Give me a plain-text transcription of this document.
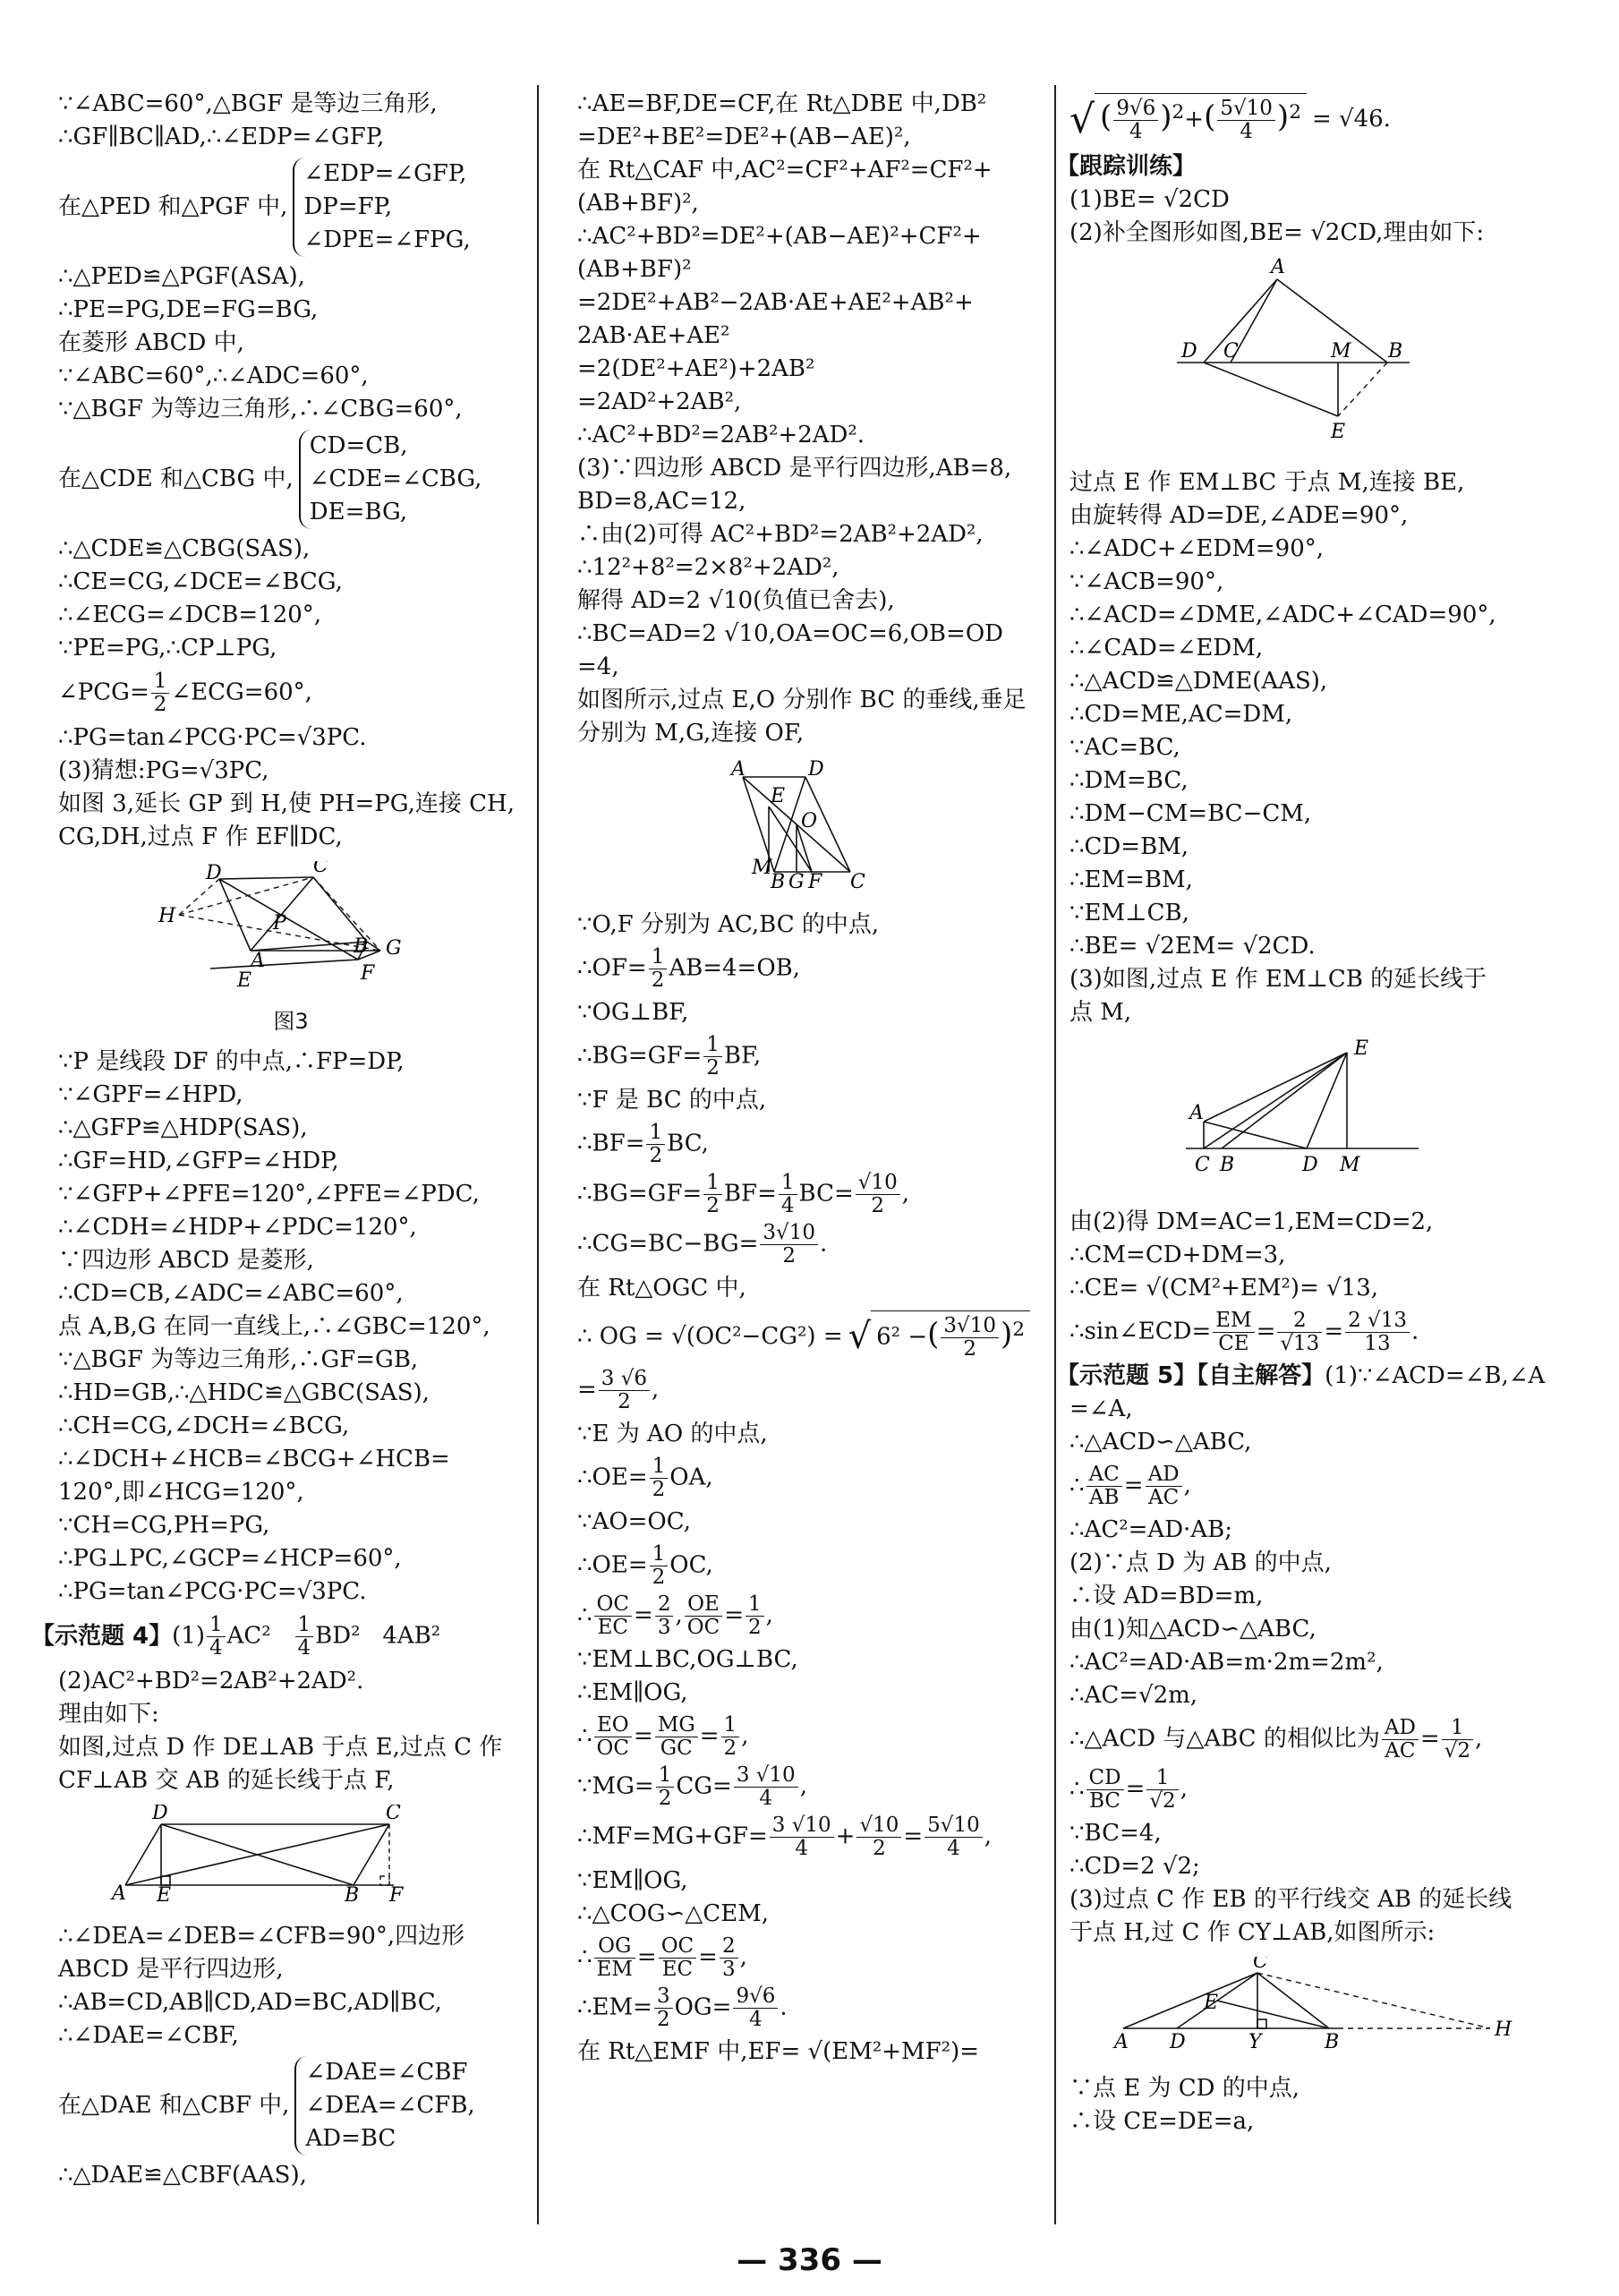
∵∠ABC=60°,△BGF 是等边三角形,
∴GF∥BC∥AD,∴∠EDP=∠GFP,
在△PED 和△PGF 中,
∠EDP=∠GFP,
DP=FP,
∠DPE=∠FPG,
∴△PED≌△PGF(ASA),
∴PE=PG,DE=FG=BG,
在菱形 ABCD 中,
∵∠ABC=60°,∴∠ADC=60°,
∵△BGF 为等边三角形,∴∠CBG=60°,
在△CDE 和△CBG 中,
CD=CB,
∠CDE=∠CBG,
DE=BG,
∴△CDE≌△CBG(SAS),
∴CE=CG,∠DCE=∠BCG,
∴∠ECG=∠DCB=120°,
∵PE=PG,∴CP⊥PG,
∠PCG= $\frac{1}{2}$ ∠ECG=60°,
∴PG=tan∠PCG·PC=√3PC.
(3)猜想:PG=√3PC,
如图 3,延长 GP 到 H,使 PH=PG,连接 CH,
CG,DH,过点 F 作 EF∥DC,
D	C
H	P
A
B G
E	F
图3
∵P 是线段 DF 的中点,∴FP=DP,
∵∠GPF=∠HPD,
∴△GFP≌△HDP(SAS),
∴GF=HD,∠GFP=∠HDP,
∵∠GFP+∠PFE=120°,∠PFE=∠PDC,
∴∠CDH=∠HDP+∠PDC=120°,
∵四边形 ABCD 是菱形,
∴CD=CB,∠ADC=∠ABC=60°,
点 A,B,G 在同一直线上,∴∠GBC=120°,
∵△BGF 为等边三角形,∴GF=GB,
∴HD=GB,∴△HDC≌△GBC(SAS),
∴CH=CG,∠DCH=∠BCG,
∴∠DCH+∠HCB=∠BCG+∠HCB=
120°,即∠HCG=120°,
∵CH=CG,PH=PG,
∴PG⊥PC,∠GCP=∠HCP=60°,
∴PG=tan∠PCG·PC=√3PC.
【示范题 4】$(1) \frac{1}{4} AC^2 \frac{1}{4} BD^2$ 4AB²
(2)AC²+BD²=2AB²+2AD².
理由如下:
如图,过点 D 作 DE⊥AB 于点 E,过点 C 作
CF⊥AB 交 AB 的延长线于点 F,
D	C
A E	B F
∴∠DEA=∠DEB=∠CFB=90°,四边形
ABCD 是平行四边形,
∴AB=CD,AB∥CD,AD=BC,AD∥BC,
∴∠DAE=∠CBF,
在△DAE 和△CBF 中,
∠DAE=∠CBF
∠DEA=∠CFB,
AD=BC
∴△DAE≌△CBF(AAS),
∴AE=BF,DE=CF,在 Rt△DBE 中,DB²
=DE²+BE²=DE²+(AB−AE)²,
在 Rt△CAF 中,AC²=CF²+AF²=CF²+
(AB+BF)²,
∴AC²+BD²=DE²+(AB−AE)²+CF²+
(AB+BF)²
=2DE²+AB²−2AB·AE+AE²+AB²+
2AB·AE+AE²
=2(DE²+AE²)+2AB²
=2AD²+2AB²,
∴AC²+BD²=2AB²+2AD².
(3)∵四边形 ABCD 是平行四边形,AB=8,
BD=8,AC=12,
∴由(2)可得 AC²+BD²=2AB²+2AD²,
∴12²+8²=2×8²+2AD²,
解得 AD=2 √10(负值已舍去),
∴BC=AD=2 √10,OA=OC=6,OB=OD
=4,
如图所示,过点 E,O 分别作 BC 的垂线,垂足
分别为 M,G,连接 OF,
A	D
E
O
M
B G F C
∵O,F 分别为 AC,BC 的中点,
∴OF= $\frac{1}{2} AB=4=OB$,
∵OG⊥BF,
∴BG=GF= $\frac{1}{2}$ BF,
∵F 是 BC 的中点,
∴BF= $\frac{1}{2}$ BC,
∴BG=GF= $\frac{1}{2} BF= \frac{1}{4} BC= \frac{√10}{2}$ ,
∴CG=BC−BG= $\frac{3√10}{2}$ .
在 Rt△OGC 中,
∴ OG = √(OC²−CG²) = √ 6² −( $\frac{3√10}{2} )^2$
= $\frac{3 √6}{2}$ ,
∵E 为 AO 的中点,
∴OE= $\frac{1}{2}$ OA,
∵AO=OC,
∴OE= $\frac{1}{2}$ OC,
∴ $\frac{OC}{EC} = \frac{2}{3}$ , $\frac{OE}{OC} = \frac{1}{2}$ ,
∵EM⊥BC,OG⊥BC,
∴EM∥OG,
∴ $\frac{EO}{OC} = \frac{MG}{GC} = \frac{1}{2}$ ,
∵MG= $\frac{1}{2} CG= \frac{3 √10}{4}$ ,
∴MF=MG+GF= $\frac{3 √10}{4} + \frac{√10}{2} = \frac{5√10}{4}$ ,
∵EM∥OG,
∴△COG∽△CEM,
∴ $\frac{OG}{EM} = \frac{OC}{EC} = \frac{2}{3}$ ,
∴EM= $\frac{3}{2} OG= \frac{9√6}{4}$ .
在 Rt△EMF 中,EF= √(EM²+MF²)=
√ ( $\frac{9√6}{4} )^2+( \frac{5√10}{4} )^2 = √46$.
【跟踪训练】
(1)BE= √2CD
(2)补全图形如图,BE= √2CD,理由如下:
A
D C	M B
E
过点 E 作 EM⊥BC 于点 M,连接 BE,
由旋转得 AD=DE,∠ADE=90°,
∴∠ADC+∠EDM=90°,
∵∠ACB=90°,
∴∠ACD=∠DME,∠ADC+∠CAD=90°,
∴∠CAD=∠EDM,
∴△ACD≌△DME(AAS),
∴CD=ME,AC=DM,
∵AC=BC,
∴DM=BC,
∴DM−CM=BC−CM,
∴CD=BM,
∴EM=BM,
∵EM⊥CB,
∴BE= √2EM= √2CD.
(3)如图,过点 E 作 EM⊥CB 的延长线于
点 M,
E
A
C B	D M
由(2)得 DM=AC=1,EM=CD=2,
∴CM=CD+DM=3,
∴CE= √(CM²+EM²)= √13,
∴sin∠ECD= $\frac{EM}{CE} = \frac{2}{√13} = \frac{2 √13}{13}$ .
【示范题 5】【自主解答】(1)∵∠ACD=∠B,∠A
=∠A,
∴△ACD∽△ABC,
∴ $\frac{AC}{AB} = \frac{AD}{AC}$ ,
∴AC²=AD·AB;
(2)∵点 D 为 AB 的中点,
∴设 AD=BD=m,
由(1)知△ACD∽△ABC,
∴AC²=AD·AB=m·2m=2m²,
∴AC=√2m,
∴△ACD 与△ABC 的相似比为 $\frac{AD}{AC} = \frac{1}{√2}$ ,
∴ $\frac{CD}{BC} = \frac{1}{√2}$ ,
∵BC=4,
∴CD=2 √2;
(3)过点 C 作 EB 的平行线交 AB 的延长线
于点 H,过 C 作 CY⊥AB,如图所示:
C
E
A D	Y	B
H
∵点 E 为 CD 的中点,
∴设 CE=DE=a,
— 336 —
